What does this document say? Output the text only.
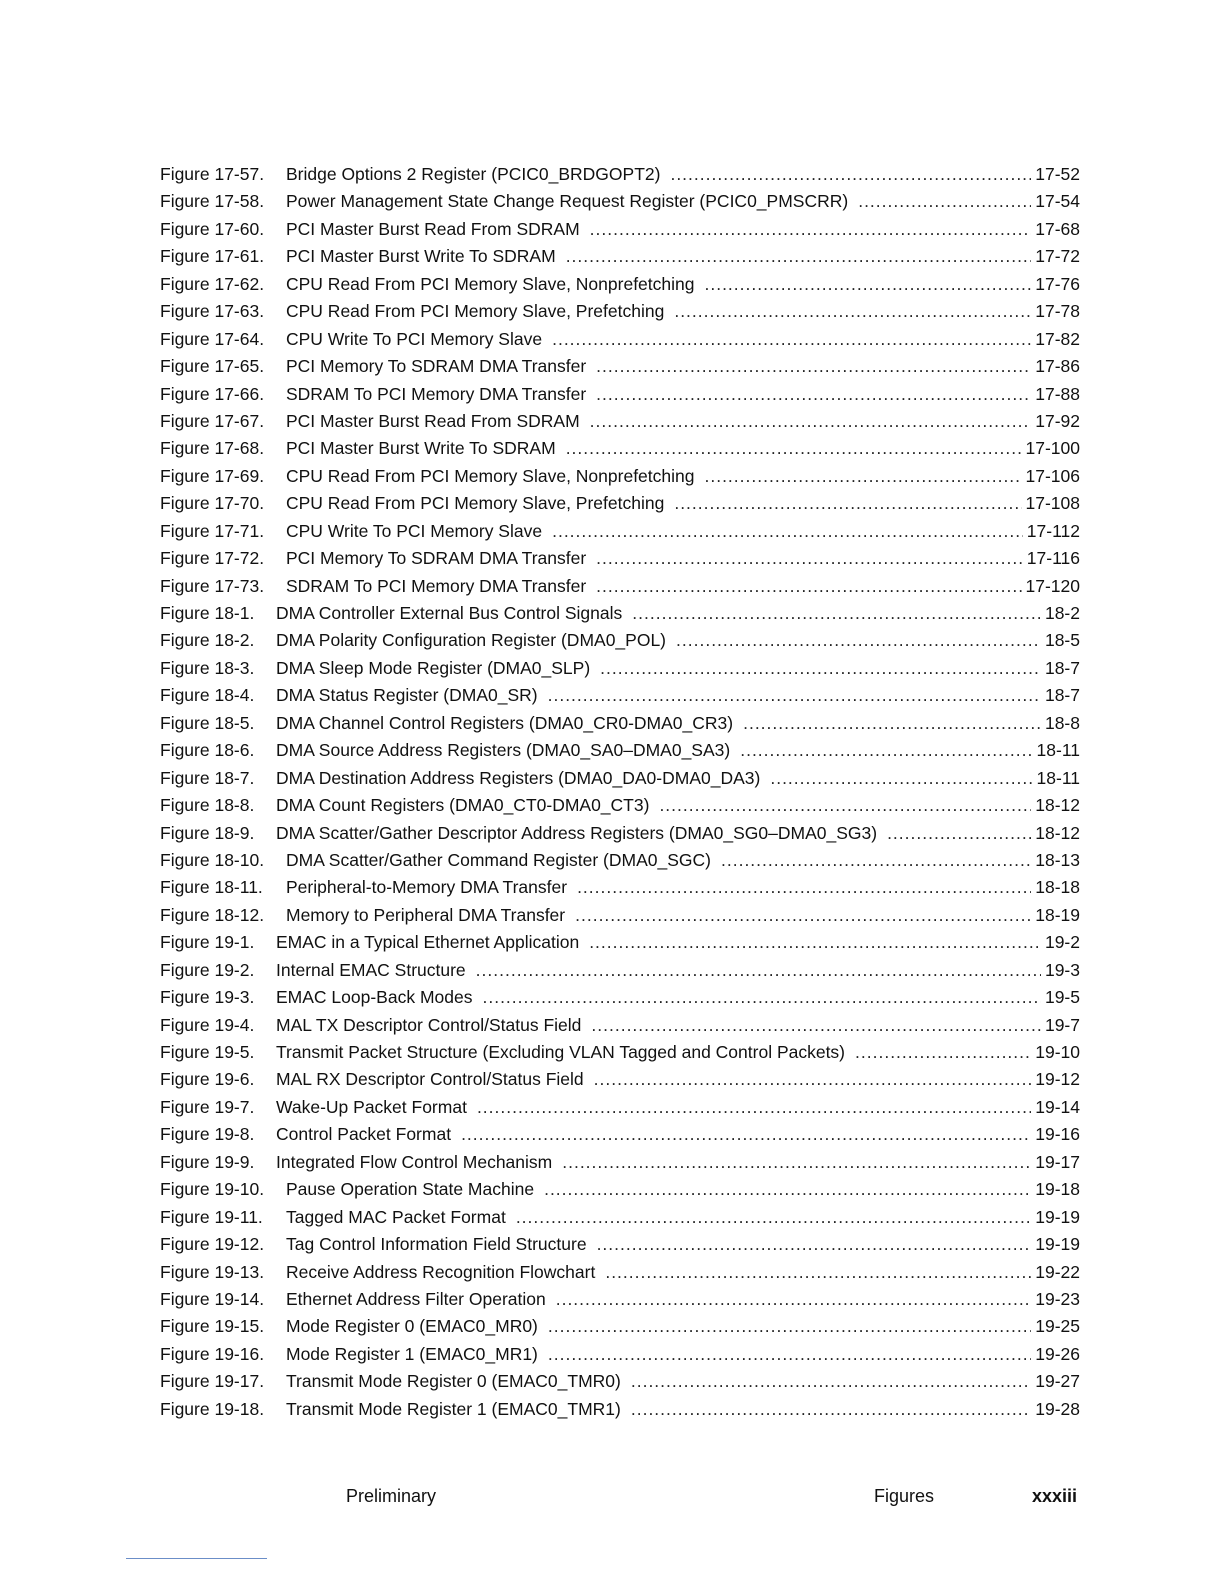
Figure 17-57.	Bridge Options 2 Register (PCIC0_BRDGOPT2) .....	17-52
Figure 17-58.	Power Management State Change Request Register (PCIC0_PMSCRR) .....	17-54
Figure 17-60.	PCI Master Burst Read From SDRAM .....	17-68
Figure 17-61.	PCI Master Burst Write To SDRAM .....	17-72
Figure 17-62.	CPU Read From PCI Memory Slave, Nonprefetching .....	17-76
Figure 17-63.	CPU Read From PCI Memory Slave, Prefetching .....	17-78
Figure 17-64.	CPU Write To PCI Memory Slave .....	17-82
Figure 17-65.	PCI Memory To SDRAM DMA Transfer .....	17-86
Figure 17-66.	SDRAM To PCI Memory DMA Transfer .....	17-88
Figure 17-67.	PCI Master Burst Read From SDRAM .....	17-92
Figure 17-68.	PCI Master Burst Write To SDRAM .....	17-100
Figure 17-69.	CPU Read From PCI Memory Slave, Nonprefetching .....	17-106
Figure 17-70.	CPU Read From PCI Memory Slave, Prefetching .....	17-108
Figure 17-71.	CPU Write To PCI Memory Slave .....	17-112
Figure 17-72.	PCI Memory To SDRAM DMA Transfer .....	17-116
Figure 17-73.	SDRAM To PCI Memory DMA Transfer .....	17-120
Figure 18-1.	DMA Controller External Bus Control Signals .....	18-2
Figure 18-2.	DMA Polarity Configuration Register (DMA0_POL) .....	18-5
Figure 18-3.	DMA Sleep Mode Register (DMA0_SLP) .....	18-7
Figure 18-4.	DMA Status Register (DMA0_SR) .....	18-7
Figure 18-5.	DMA Channel Control Registers (DMA0_CR0-DMA0_CR3) .....	18-8
Figure 18-6.	DMA Source Address Registers (DMA0_SA0–DMA0_SA3) .....	18-11
Figure 18-7.	DMA Destination Address Registers (DMA0_DA0-DMA0_DA3) .....	18-11
Figure 18-8.	DMA Count Registers (DMA0_CT0-DMA0_CT3) .....	18-12
Figure 18-9.	DMA Scatter/Gather Descriptor Address Registers (DMA0_SG0–DMA0_SG3) .....	18-12
Figure 18-10.	DMA Scatter/Gather Command Register (DMA0_SGC) .....	18-13
Figure 18-11.	Peripheral-to-Memory DMA Transfer .....	18-18
Figure 18-12.	Memory to Peripheral DMA Transfer .....	18-19
Figure 19-1.	EMAC in a Typical Ethernet Application .....	19-2
Figure 19-2.	Internal EMAC Structure .....	19-3
Figure 19-3.	EMAC Loop-Back Modes .....	19-5
Figure 19-4.	MAL TX Descriptor Control/Status Field .....	19-7
Figure 19-5.	Transmit Packet Structure (Excluding VLAN Tagged and Control Packets) .....	19-10
Figure 19-6.	MAL RX Descriptor Control/Status Field .....	19-12
Figure 19-7.	Wake-Up Packet Format .....	19-14
Figure 19-8.	Control Packet Format .....	19-16
Figure 19-9.	Integrated Flow Control Mechanism .....	19-17
Figure 19-10.	Pause Operation State Machine .....	19-18
Figure 19-11.	Tagged MAC Packet Format .....	19-19
Figure 19-12.	Tag Control Information Field Structure .....	19-19
Figure 19-13.	Receive Address Recognition Flowchart .....	19-22
Figure 19-14.	Ethernet Address Filter Operation .....	19-23
Figure 19-15.	Mode Register 0 (EMAC0_MR0) .....	19-25
Figure 19-16.	Mode Register 1 (EMAC0_MR1) .....	19-26
Figure 19-17.	Transmit Mode Register 0 (EMAC0_TMR0) .....	19-27
Figure 19-18.	Transmit Mode Register 1 (EMAC0_TMR1) .....	19-28
Preliminary	Figures	xxxiii
